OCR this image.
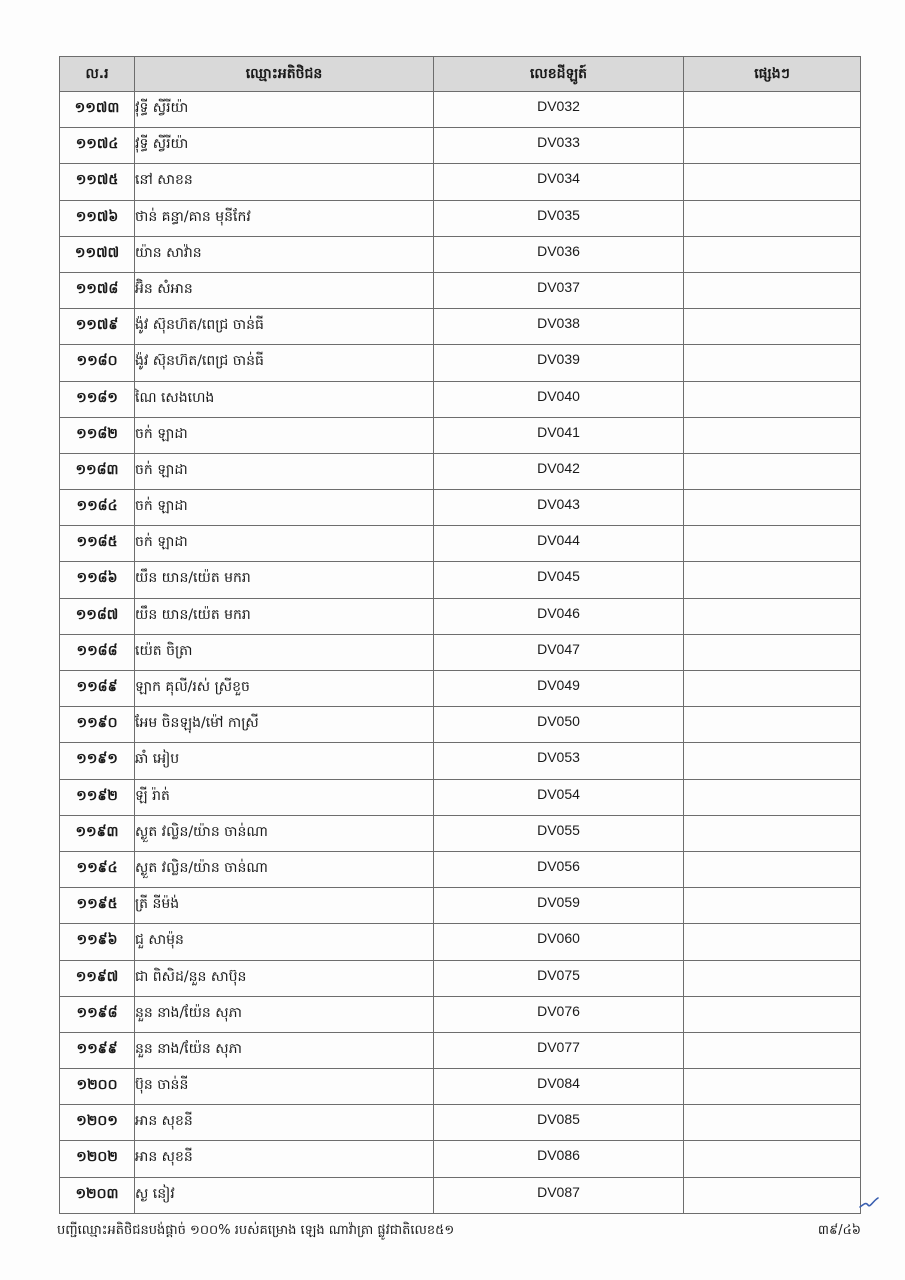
ល.រ	ឈ្មោះអតិថិជន	លេខដីឡូត៍	ផ្សេងៗ
១១៧៣	វុទ្ធី ស្វីរីយ៉ា	DV032	
១១៧៤	វុទ្ធី ស្វីរីយ៉ា	DV033	
១១៧៥	នៅ សាខន	DV034	
១១៧៦	ថាន់ គន្ធា/គាន មុនីកែវ	DV035	
១១៧៧	យ៉ាន សាវ៉ាន	DV036	
១១៧៨	អ៊ិន សំអាន	DV037	
១១៧៩	ង៉ូវ ស៊ុនហ៊ត/ពេជ្រ ចាន់ធី	DV038	
១១៨០	ង៉ូវ ស៊ុនហ៊ត/ពេជ្រ ចាន់ធី	DV039	
១១៨១	ណៃ សេងហេង	DV040	
១១៨២	ចក់ ឡាដា	DV041	
១១៨៣	ចក់ ឡាដា	DV042	
១១៨៤	ចក់ ឡាដា	DV043	
១១៨៥	ចក់ ឡាដា	DV044	
១១៨៦	យឹន យាន/យ៉េត មករា	DV045	
១១៨៧	យឹន យាន/យ៉េត មករា	DV046	
១១៨៨	យ៉េត ចិត្រា	DV047	
១១៨៩	ឡាក គុលី/រស់ ស្រីខួច	DV049	
១១៩០	អែម ចិនឡុង/ម៉ៅ កាស្រី	DV050	
១១៩១	ឆាំ អៀប	DV053	
១១៩២	ឡី រ៉ាត់	DV054	
១១៩៣	ស្ងួត វល្លិន/យ៉ាន ចាន់ណា	DV055	
១១៩៤	ស្ងួត វល្លិន/យ៉ាន ចាន់ណា	DV056	
១១៩៥	ត្រី នីម៉ង់	DV059	
១១៩៦	ជួ សាម៉ុន	DV060	
១១៩៧	ជា ពិសិដ/នួន សាប៊ុន	DV075	
១១៩៨	នួន នាង/យ៉ែន សុភា	DV076	
១១៩៩	នួន នាង/យ៉ែន សុភា	DV077	
១២០០	ប៊ុន ចាន់នី	DV084	
១២០១	អាន សុខនី	DV085	
១២០២	អាន សុខនី	DV086	
១២០៣	ស្ង នៀវ	DV087	
បញ្ជីឈ្មោះអតិថិជនបង់ផ្តាច់ ១០០% របស់គម្រោង ឡេង ណាវ៉ាត្រា ផ្លូវជាតិលេខ៥១	៣៩/៤៦
